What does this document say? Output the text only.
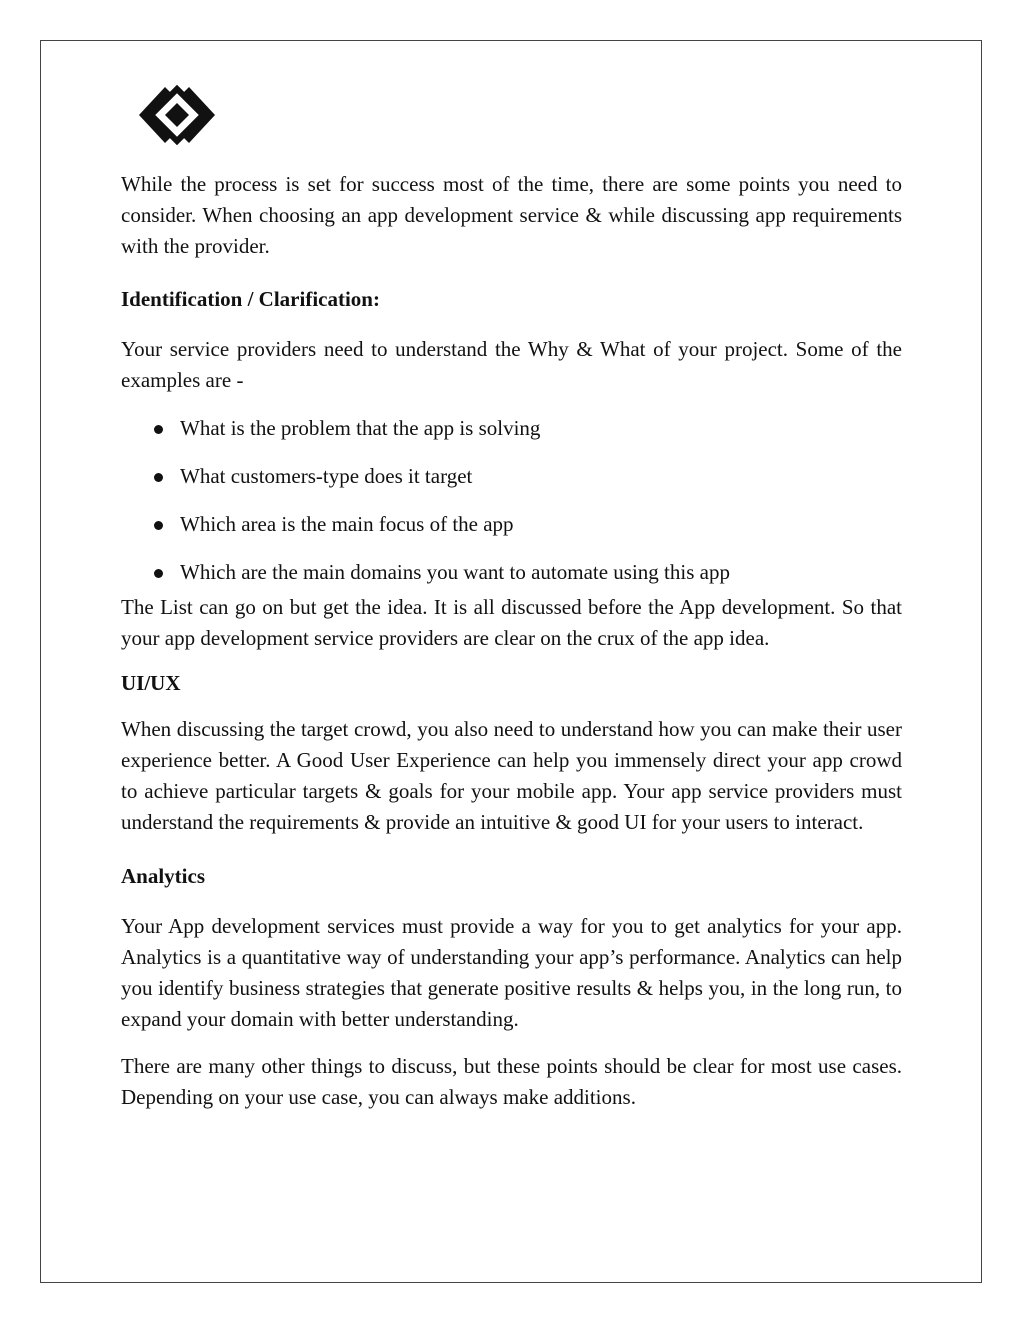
While the process is set for success most of the time, there are some points you need to consider. When choosing an app development service & while discussing app requirements with the provider.

Identification / Clarification:

Your service providers need to understand the Why & What of your project. Some of the examples are -

What is the problem that the app is solving
What customers-type does it target
Which area is the main focus of the app
Which are the main domains you want to automate using this app

The List can go on but get the idea. It is all discussed before the App development. So that your app development service providers are clear on the crux of the app idea.

UI/UX

When discussing the target crowd, you also need to understand how you can make their user experience better. A Good User Experience can help you immensely direct your app crowd to achieve particular targets & goals for your mobile app. Your app service providers must understand the requirements & provide an intuitive & good UI for your users to interact.

Analytics

Your App development services must provide a way for you to get analytics for your app. Analytics is a quantitative way of understanding your app’s performance. Analytics can help you identify business strategies that generate positive results & helps you, in the long run, to expand your domain with better understanding.

There are many other things to discuss, but these points should be clear for most use cases. Depending on your use case, you can always make additions.
